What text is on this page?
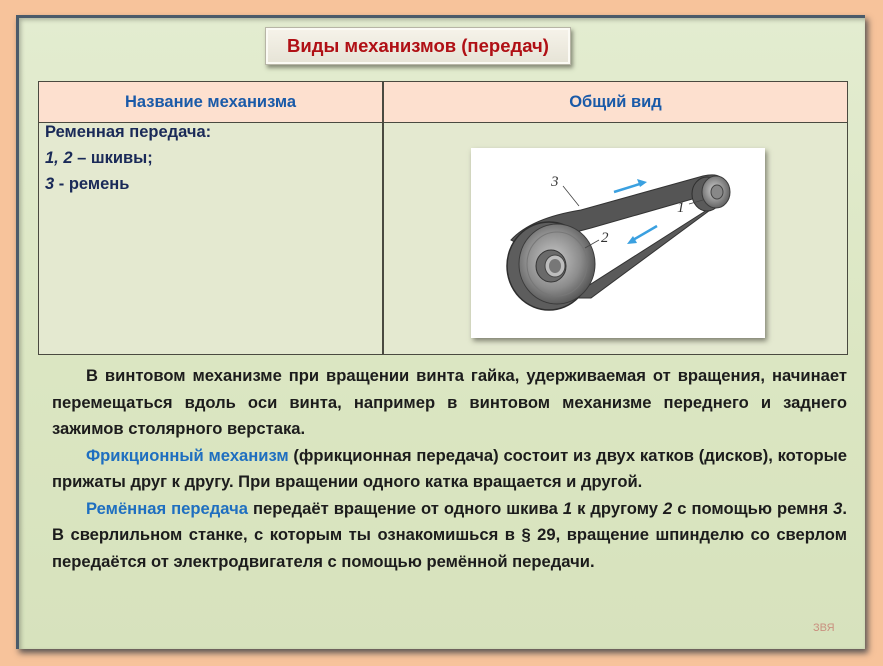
Виды механизмов (передач)
Название механизма	Общий вид
Ременная передача:
1, 2 – шкивы;
3 - ремень	3
1
2

В винтовом механизме при вращении винта гайка, удерживаемая от вращения, начинает перемещаться вдоль оси винта, например в винтовом механизме переднего и заднего зажимов столярного верстака.

Фрикционный механизм (фрикционная передача) состоит из двух катков (дисков), которые прижаты друг к другу. При вращении одного катка вращается и другой.

Ремённая передача передаёт вращение от одного шкива 1 к другому 2 с помощью ремня 3. В сверлильном станке, с которым ты ознакомишься в § 29, вращение шпинделю со сверлом передаётся от электродвигателя с помощью ремённой передачи.

ЗВЯ
